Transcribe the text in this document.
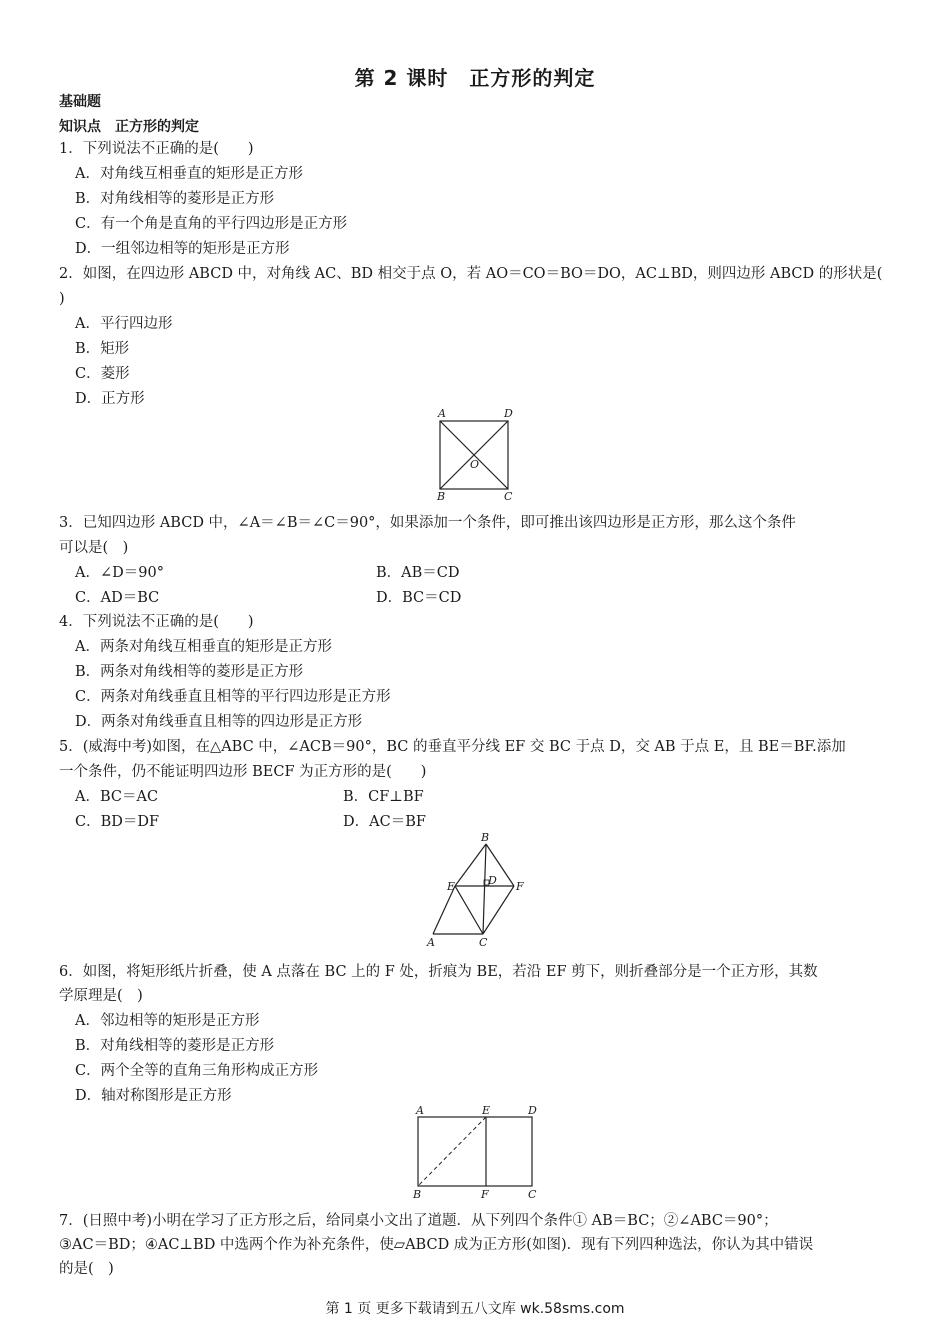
第 2 课时　正方形的判定
基础题
知识点　正方形的判定
1．下列说法不正确的是(　　)
A．对角线互相垂直的矩形是正方形
B．对角线相等的菱形是正方形
C．有一个角是直角的平行四边形是正方形
D．一组邻边相等的矩形是正方形
2．如图，在四边形 ABCD 中，对角线 AC、BD 相交于点 O，若 AO＝CO＝BO＝DO，AC⊥BD，则四边形 ABCD 的形状是(
)
A．平行四边形
B．矩形
C．菱形
D．正方形
A	D
O
B	C
3．已知四边形 ABCD 中，∠A＝∠B＝∠C＝90°，如果添加一个条件，即可推出该四边形是正方形，那么这个条件
可以是(　)
A．∠D＝90°	B．AB＝CD
C．AD＝BC	D．BC＝CD
4．下列说法不正确的是(　　)
A．两条对角线互相垂直的矩形是正方形
B．两条对角线相等的菱形是正方形
C．两条对角线垂直且相等的平行四边形是正方形
D．两条对角线垂直且相等的四边形是正方形
5．(威海中考)如图，在△ABC 中，∠ACB＝90°，BC 的垂直平分线 EF 交 BC 于点 D，交 AB 于点 E，且 BE＝BF.添加
一个条件，仍不能证明四边形 BECF 为正方形的是(　　)
A．BC＝AC	B．CF⊥BF
C．BD＝DF	D．AC＝BF
B
E	D F
A	C
6．如图，将矩形纸片折叠，使 A 点落在 BC 上的 F 处，折痕为 BE，若沿 EF 剪下，则折叠部分是一个正方形，其数
学原理是(　)
A．邻边相等的矩形是正方形
B．对角线相等的菱形是正方形
C．两个全等的直角三角形构成正方形
D．轴对称图形是正方形
A	E	D
B	F	C
7．(日照中考)小明在学习了正方形之后，给同桌小文出了道题．从下列四个条件① AB＝BC；②∠ABC＝90°；
③AC＝BD；④AC⊥BD 中选两个作为补充条件，使▱ABCD 成为正方形(如图)．现有下列四种选法，你认为其中错误
的是(　)
第 1 页 更多下载请到五八文库 wk.58sms.com
